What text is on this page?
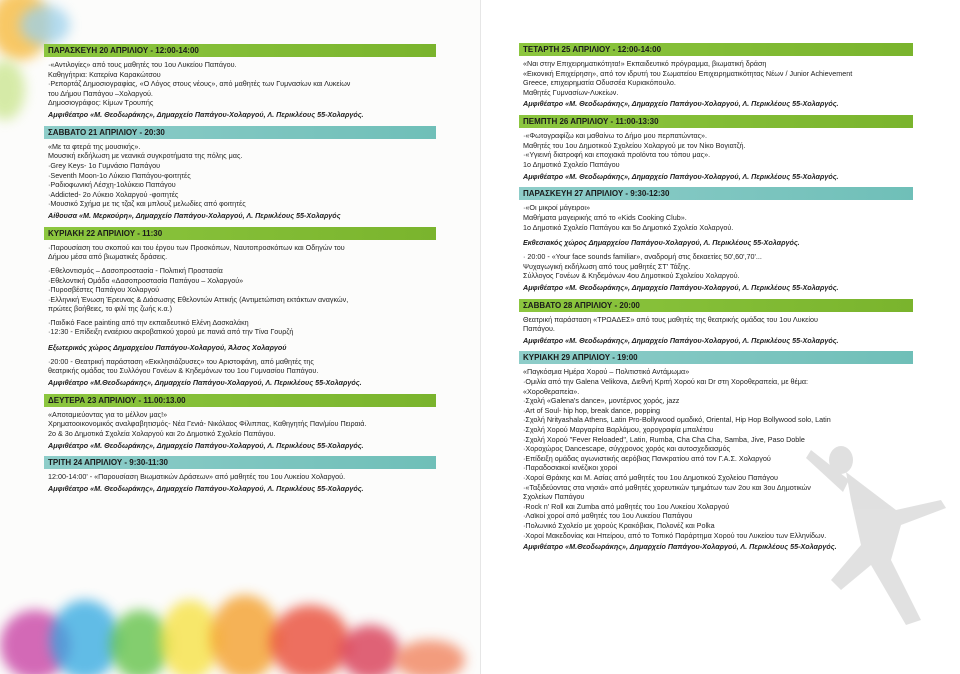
ΠΑΡΑΣΚΕΥΗ 20 ΑΠΡΙΛΙΟΥ - 12:00-14:00
·«Αντιλογίες» από τους μαθητές του 1ου Λυκείου Παπάγου.
Καθηγήτρια: Κατερίνα Καρακώτσου
·Ρεπορτάζ Δημοσιογραφίας, «Ο Λόγος στους νέους», από μαθητές των Γυμνασίων και Λυκείων
του Δήμου Παπάγου –Χολαργού.
Δημοσιογράφος: Κίμων Τρουπής
Αμφιθέατρο «Μ. Θεοδωράκης», Δημαρχείο Παπάγου-Χολαργού, Λ. Περικλέους 55-Χολαργός.
ΣΑΒΒΑΤΟ 21 ΑΠΡΙΛΙΟΥ - 20:30
«Με τα φτερά της μουσικής».
Μουσική εκδήλωση με νεανικά συγκροτήματα της πόλης μας.
·Grey Keys- 1ο Γυμνάσιο Παπάγου
·Seventh Moon-1ο Λύκειο Παπάγου-φοιτητές
·Ραδιοφωνική Λέσχη-1ολύκειο Παπάγου
·Addicted- 2ο Λύκειο Χολαργού -φοιτητές
·Μουσικό Σχήμα με τις τζαζ και μπλουζ μελωδίες από φοιτητές
Αίθουσα «Μ. Μερκούρη», Δημαρχείο Παπάγου-Χολαργού, Λ. Περικλέους 55-Χολαργός
ΚΥΡΙΑΚΗ 22 ΑΠΡΙΛΙΟΥ - 11:30
·Παρουσίαση του σκοπού και του έργου των Προσκόπων, Ναυτοπροσκόπων και Οδηγών του
Δήμου μέσα από βιωματικές δράσεις.
·Εθελοντισμός – Δασοπροστασία - Πολιτική Προστασία
·Εθελοντική Ομάδα «Δασοπροστασία Παπάγου – Χολαργού»
·Πυροσβέστες Παπάγου Χολαργού
·Ελληνική Ένωση Έρευνας & Διάσωσης Εθελοντών Αττικής (Αντιμετώπιση εκτάκτων αναγκών,
πρώτες βοήθειες, το φιλί της ζωής κ.α.)
·Παιδικό Face painting από την εκπαιδευτικό Ελένη Δασκαλάκη
·12:30 - Επίδειξη εναέριου ακροβατικού χορού με πανιά από την Τίνα Γουρζή
Εξωτερικός χώρος Δημαρχείου Παπάγου-Χολαργού, Άλσος Χολαργού
·20:00 - Θεατρική παράσταση «Εκκλησιάζουσες» του Αριστοφάνη, από μαθητές της
θεατρικής ομάδας του Συλλόγου Γονέων & Κηδεμόνων του 1ου Γυμνασίου Παπάγου.
Αμφιθέατρο «Μ.Θεοδωράκης», Δημαρχείο Παπάγου-Χολαργού, Λ. Περικλέους 55-Χολαργός.
ΔΕΥΤΕΡΑ 23 ΑΠΡΙΛΙΟΥ - 11.00:13.00
«Αποταμιεύοντας για το μέλλον μας!»
Χρηματοοικονομικός αναλφαβητισμός- Νέα Γενιά- Νικόλαος Φίλιππας, Καθηγητής Παν/μίου Πειραιά.
2ο & 3ο Δημοτικά Σχολεία Χολαργού και 2ο Δημοτικό Σχολείο Παπάγου.
Αμφιθέατρο «Μ. Θεοδωράκης», Δημαρχείο Παπάγου-Χολαργού, Λ. Περικλέους 55-Χολαργός.
ΤΡΙΤΗ 24 ΑΠΡΙΛΙΟΥ - 9:30-11:30
12:00-14:00' - «Παρουσίαση Βιωματικών Δράσεων» από μαθητές του 1ου Λυκείου Χολαργού.
Αμφιθέατρο «Μ. Θεοδωράκης», Δημαρχείο Παπάγου-Χολαργού, Λ. Περικλέους 55-Χολαργός.
ΤΕΤΑΡΤΗ 25 ΑΠΡΙΛΙΟΥ - 12:00-14:00
«Ναι στην Επιχειρηματικότητα!» Εκπαιδευτικό πρόγραμμα, βιωματική δράση
«Εικονική Επιχείρηση», από τον ιδρυτή του Σωματείου Επιχειρηματικότητας Νέων / Junior Achievement
Greece, επιχειρηματία Οδυσσέα Κυριακόπουλο.
Μαθητές Γυμνασίων-Λυκείων.
Αμφιθέατρο «Μ. Θεοδωράκης», Δημαρχείο Παπάγου-Χολαργού, Λ. Περικλέους 55-Χολαργός.
ΠΕΜΠΤΗ 26 ΑΠΡΙΛΙΟΥ - 11:00-13:30
·«Φωτογραφίζω και μαθαίνω το Δήμο μου περπατώντας».
Μαθητές του 1ου Δημοτικού Σχολείου Χολαργού με τον Νίκο Βογιατζή.
·«Υγιεινή διατροφή και εποχιακά προϊόντα του τόπου μας».
1ο Δημοτικό Σχολείο Παπάγου
Αμφιθέατρο «Μ. Θεοδωράκης», Δημαρχείο Παπάγου-Χολαργού, Λ. Περικλέους 55-Χολαργός.
ΠΑΡΑΣΚΕΥΗ 27 ΑΠΡΙΛΙΟΥ - 9:30-12:30
·«Οι μικροί μάγειροι»
Μαθήματα μαγειρικής από το «Kids Cooking Club».
1ο Δημοτικό Σχολείο Παπάγου και 5ο Δημοτικό Σχολείο Χολαργού.
Εκθεσιακός χώρος Δημαρχείου Παπάγου-Χολαργού, Λ. Περικλέους 55-Χολαργός.
· 20:00 - «Your face sounds familiar», αναδρομή στις δεκαετίες 50',60',70'...
Ψυχαγωγική εκδήλωση από τους μαθητές ΣΤ' Τάξης.
Σύλλογος Γονέων & Κηδεμόνων 4ου Δημοτικού Σχολείου Χολαργού.
Αμφιθέατρο «Μ. Θεοδωράκης», Δημαρχείο Παπάγου-Χολαργού, Λ. Περικλέους 55-Χολαργός.
ΣΑΒΒΑΤΟ 28 ΑΠΡΙΛΙΟΥ - 20:00
Θεατρική παράσταση «ΤΡΩΑΔΕΣ» από τους μαθητές της θεατρικής ομάδας του 1ου Λυκείου
Παπάγου.
Αμφιθέατρο «Μ. Θεοδωράκης», Δημαρχείο Παπάγου-Χολαργού, Λ. Περικλέους 55-Χολαργός.
ΚΥΡΙΑΚΗ 29 ΑΠΡΙΛΙΟΥ - 19:00
«Παγκόσμια Ημέρα Χορού – Πολιτιστικό Αντάμωμα»
·Ομιλία από την Galena Velikova, Διεθνή Κριτή Χορού και Dr στη Χοροθεραπεία, με θέμα:
«Χοροθεραπεία».
·Σχολή «Galena's dance», μοντέρνος χορός, jazz
·Art of Soul- hip hop, break dance, popping
·Σχολή Nrityashala Athens, Latin Pro-Bollywood ομαδικό, Oriental, Hip Hop Bollywood solo, Latin
·Σχολή Χορού Μαργαρίτα Βαρλάμου, χορογραφία μπαλέτου
·Σχολή Χορού "Fever Reloaded", Latin, Rumba, Cha Cha Cha, Samba, Jive, Paso Doble
·Χοροχώρος Dancescape, σύγχρονος χορός και αυτοσχεδιασμός
·Επίδειξη ομάδας αγωνιστικής αερόβιας Πανκρατίου από τον Γ.Α.Σ. Χολαργού
·Παραδοσιακοί κινέζικοι χοροί
·Χοροί Θράκης και Μ. Ασίας από μαθητές του 1ου Δημοτικού Σχολείου Παπάγου
·«Ταξιδεύοντας στα νησιά» από μαθητές χορευτικών τμημάτων των 2ου και 3ου Δημοτικών
Σχολείων Παπάγου
·Rock n' Roll και Zumba από μαθητές του 1ου Λυκείου Χολαργού
·Λαϊκοί χοροί από μαθητές του 1ου Λυκείου Παπάγου
·Πολωνικό Σχολείο με χορούς Κρακόβιακ, Πολονέζ και Polka
·Χοροί Μακεδονίας και Ηπείρου, από το Τοπικό Παράρτημα Χορού του Λυκείου των Ελληνίδων.
Αμφιθέατρο «Μ.Θεοδωράκης», Δημαρχείο Παπάγου-Χολαργού, Λ. Περικλέους 55-Χολαργός.
